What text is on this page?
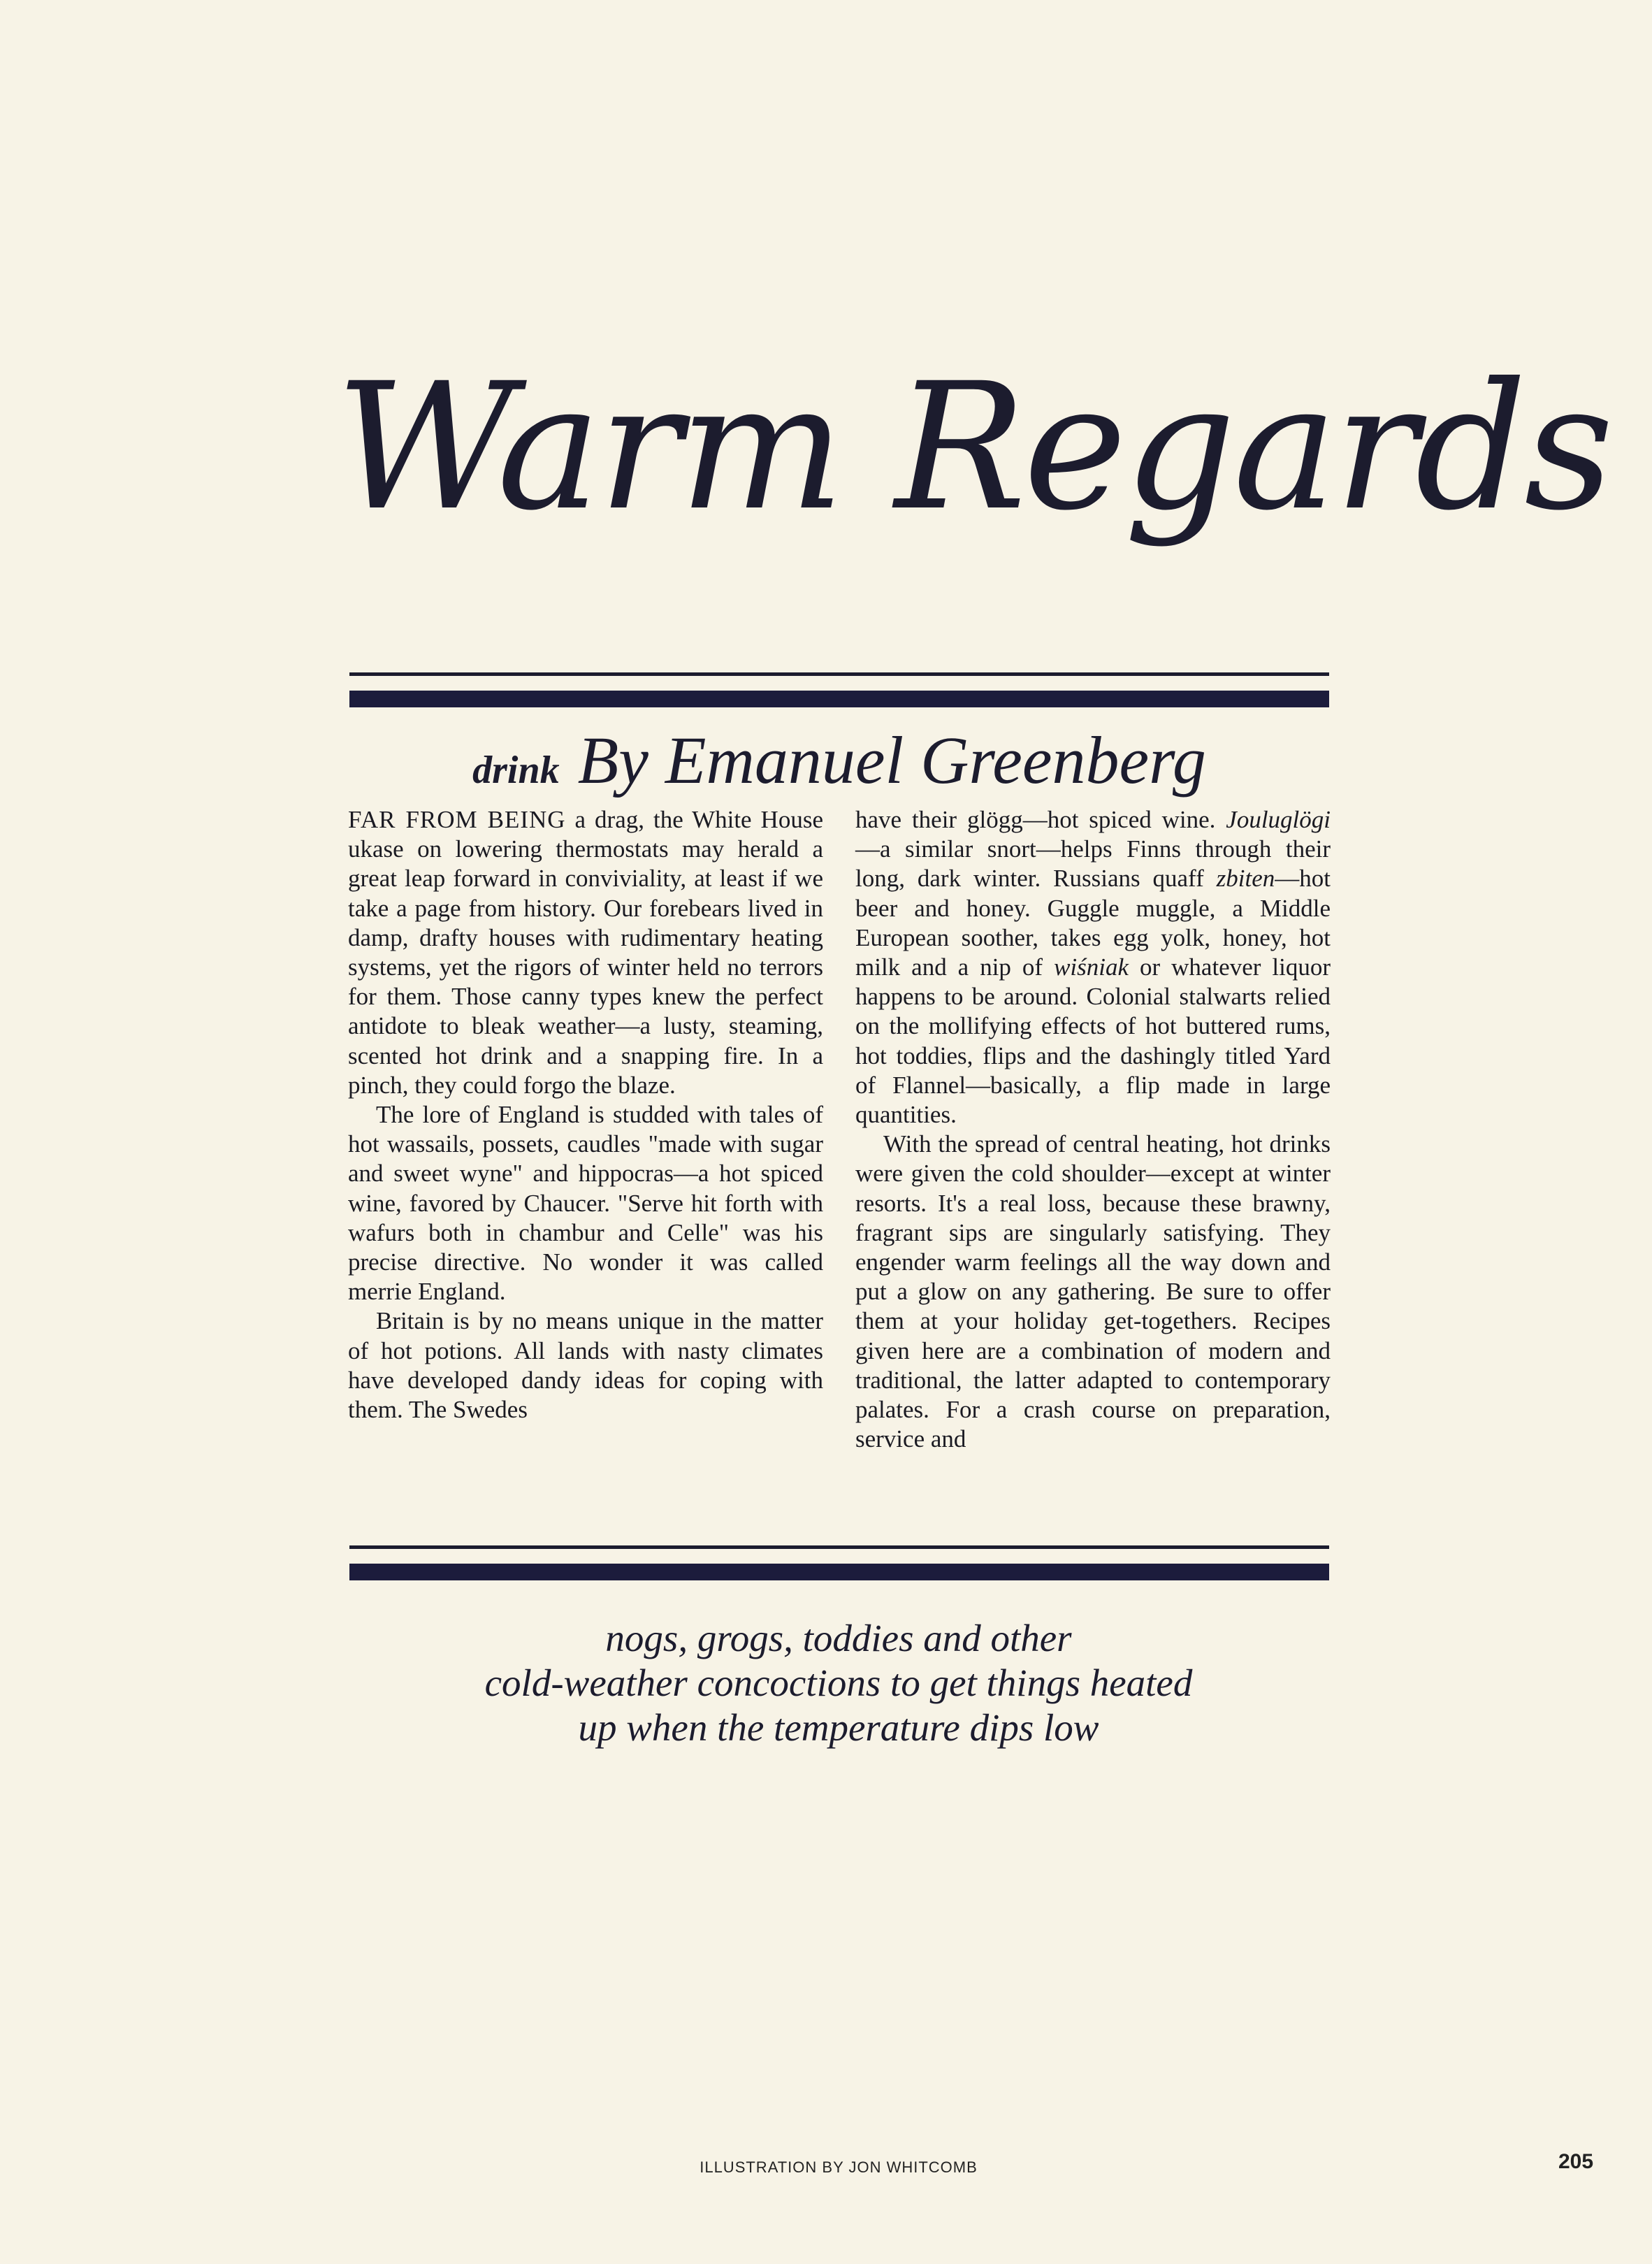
Warm Regards
drink By Emanuel Greenberg

FAR FROM BEING a drag, the White House ukase on lowering thermostats may herald a great leap forward in conviviality, at least if we take a page from history. Our forebears lived in damp, drafty houses with rudimentary heating systems, yet the rigors of winter held no terrors for them. Those canny types knew the perfect antidote to bleak weather—a lusty, steaming, scented hot drink and a snapping fire. In a pinch, they could forgo the blaze.

The lore of England is studded with tales of hot wassails, possets, caudles "made with sugar and sweet wyne" and hippocras—a hot spiced wine, favored by Chaucer. "Serve hit forth with wafurs both in chambur and Celle" was his precise directive. No wonder it was called merrie England.

Britain is by no means unique in the matter of hot potions. All lands with nasty climates have developed dandy ideas for coping with them. The Swedes

have their glögg—hot spiced wine. Jouluglögi—a similar snort—helps Finns through their long, dark winter. Russians quaff zbiten—hot beer and honey. Guggle muggle, a Middle European soother, takes egg yolk, honey, hot milk and a nip of wiśniak or whatever liquor happens to be around. Colonial stalwarts relied on the mollifying effects of hot buttered rums, hot toddies, flips and the dashingly titled Yard of Flannel—basically, a flip made in large quantities.

With the spread of central heating, hot drinks were given the cold shoulder—except at winter resorts. It's a real loss, because these brawny, fragrant sips are singularly satisfying. They engender warm feelings all the way down and put a glow on any gathering. Be sure to offer them at your holiday get-togethers. Recipes given here are a combination of modern and traditional, the latter adapted to contemporary palates. For a crash course on preparation, service and

nogs, grogs, toddies and other
cold-weather concoctions to get things heated
up when the temperature dips low
ILLUSTRATION BY JON WHITCOMB	205
